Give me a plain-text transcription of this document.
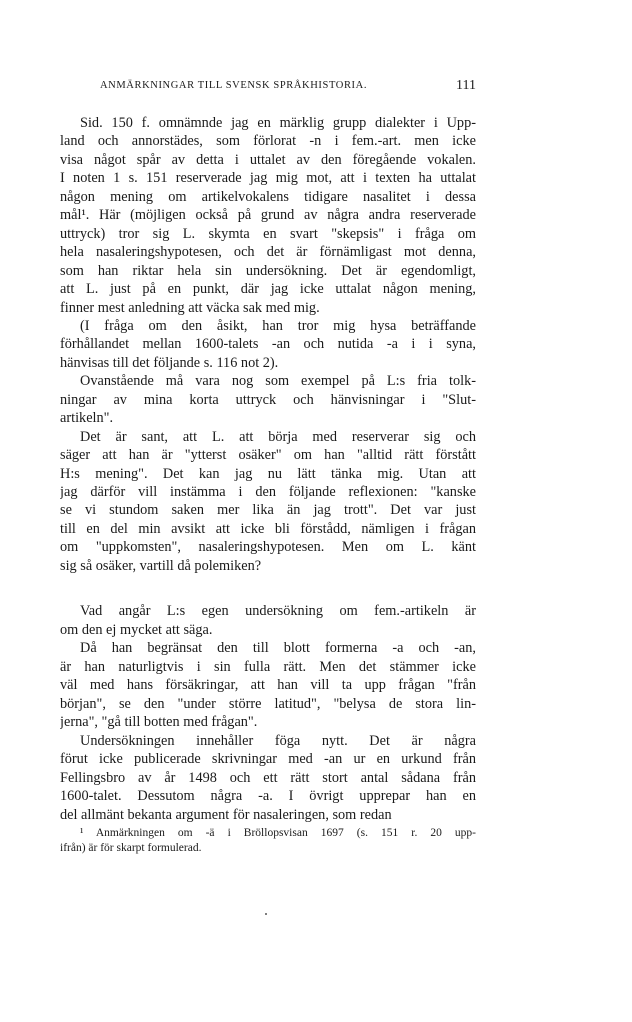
ANMÄRKNINGAR TILL SVENSK SPRÅKHISTORIA.	111
Sid. 150 f. omnämnde jag en märklig grupp dialekter i Upp-
land och annorstädes, som förlorat -n i fem.-art. men icke
visa något spår av detta i uttalet av den föregående vokalen.
I noten 1 s. 151 reserverade jag mig mot, att i texten ha uttalat
någon mening om artikelvokalens tidigare nasalitet i dessa
mål¹. Här (möjligen också på grund av några andra reserverade
uttryck) tror sig L. skymta en svart "skepsis" i fråga om
hela nasaleringshypotesen, och det är förnämligast mot denna,
som han riktar hela sin undersökning. Det är egendomligt,
att L. just på en punkt, där jag icke uttalat någon mening,
finner mest anledning att väcka sak med mig.
(I fråga om den åsikt, han tror mig hysa beträffande
förhållandet mellan 1600-talets -an och nutida -a i i syna,
hänvisas till det följande s. 116 not 2).
Ovanstående må vara nog som exempel på L:s fria tolk-
ningar av mina korta uttryck och hänvisningar i "Slut-
artikeln".
Det är sant, att L. att börja med reserverar sig och
säger att han är "ytterst osäker" om han "alltid rätt förstått
H:s mening". Det kan jag nu lätt tänka mig. Utan att
jag därför vill instämma i den följande reflexionen: "kanske
se vi stundom saken mer lika än jag trott". Det var just
till en del min avsikt att icke bli förstådd, nämligen i frågan
om "uppkomsten", nasaleringshypotesen. Men om L. känt
sig så osäker, vartill då polemiken?
Vad angår L:s egen undersökning om fem.-artikeln är
om den ej mycket att säga.
Då han begränsat den till blott formerna -a och -an,
är han naturligtvis i sin fulla rätt. Men det stämmer icke
väl med hans försäkringar, att han vill ta upp frågan "från
början", se den "under större latitud", "belysa de stora lin-
jerna", "gå till botten med frågan".
Undersökningen innehåller föga nytt. Det är några
förut icke publicerade skrivningar med -an ur en urkund från
Fellingsbro av år 1498 och ett rätt stort antal sådana från
1600-talet. Dessutom några -a. I övrigt upprepar han en
del allmänt bekanta argument för nasaleringen, som redan
¹ Anmärkningen om -ä i Bröllopsvisan 1697 (s. 151 r. 20 upp-
ifrån) är för skarpt formulerad.
